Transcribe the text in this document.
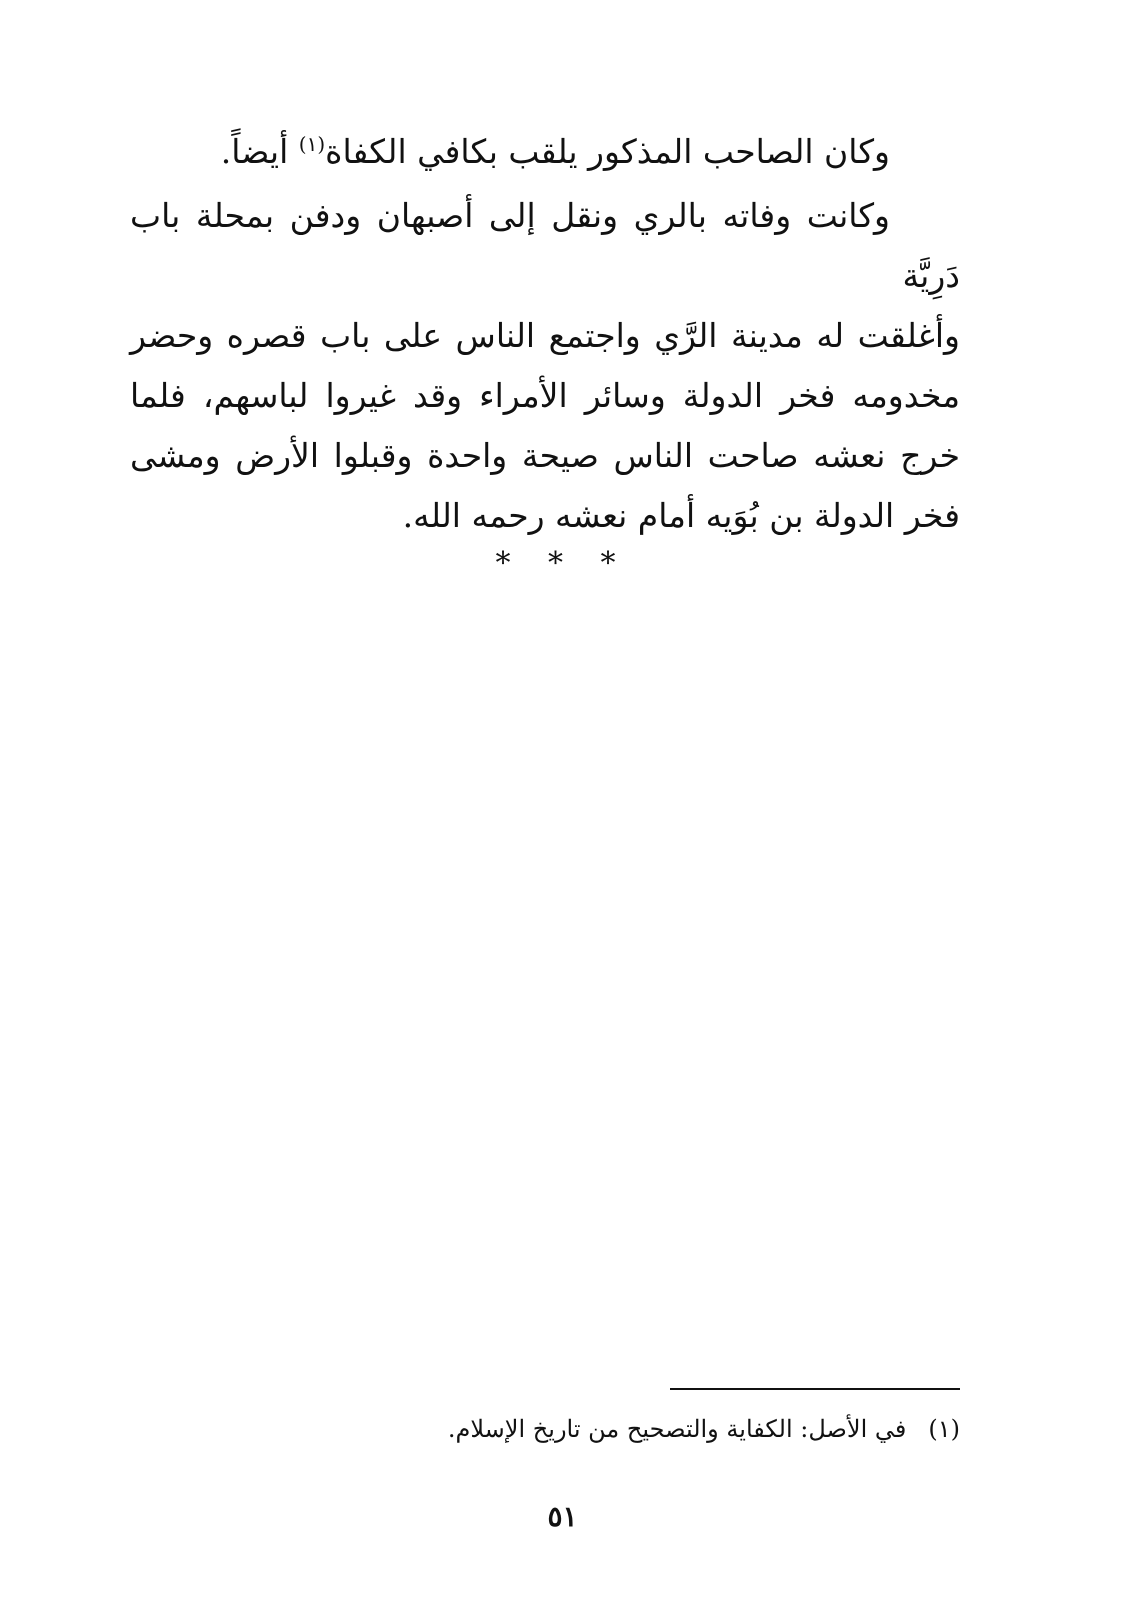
وكان الصاحب المذكور يلقب بكافي الكفاة$^{(١)}$ أيضاً.

وكانت وفاته بالري ونقل إلى أصبهان ودفن بمحلة باب دَرِيَّة

وأغلقت له مدينة الرَّي واجتمع الناس على باب قصره وحضر مخدومه فخر الدولة وسائر الأمراء وقد غيروا لباسهم، فلما خرج نعشه صاحت الناس صيحة واحدة وقبلوا الأرض ومشى فخر الدولة بن بُوَيه أمام نعشه رحمه الله.

* * *
(١)في الأصل: الكفاية والتصحيح من تاريخ الإسلام.
٥١
